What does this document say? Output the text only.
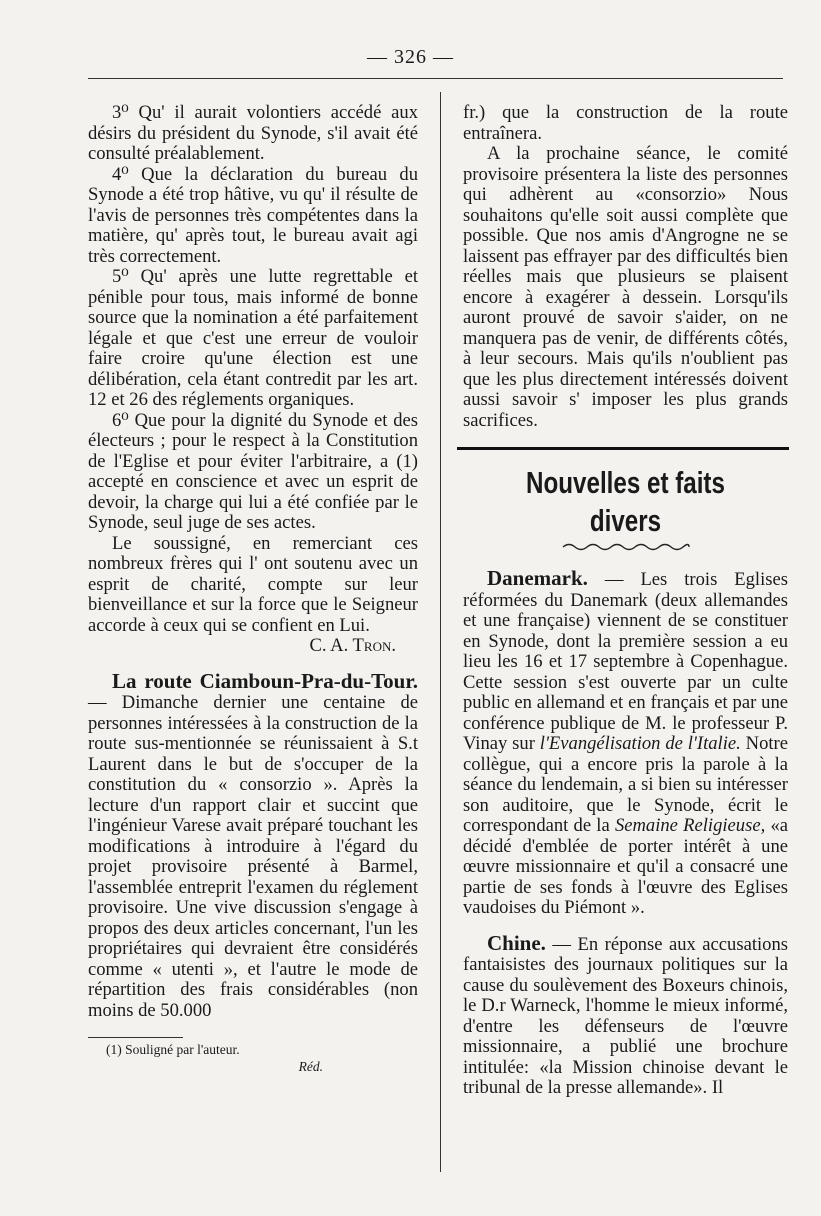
— 326 —

3⁰ Qu' il aurait volontiers accédé aux désirs du président du Synode, s'il avait été consulté préalablement.

4⁰ Que la déclaration du bureau du Synode a été trop hâtive, vu qu' il résulte de l'avis de personnes très compétentes dans la matière, qu' après tout, le bureau avait agi très correctement.

5⁰ Qu' après une lutte regrettable et pénible pour tous, mais informé de bonne source que la nomination a été parfaitement légale et que c'est une erreur de vouloir faire croire qu'une élection est une délibération, cela étant contredit par les art. 12 et 26 des réglements organiques.

6⁰ Que pour la dignité du Synode et des électeurs ; pour le respect à la Constitution de l'Eglise et pour éviter l'arbitraire, a (1) accepté en conscience et avec un esprit de devoir, la charge qui lui a été confiée par le Synode, seul juge de ses actes.

Le soussigné, en remerciant ces nombreux frères qui l' ont soutenu avec un esprit de charité, compte sur leur bienveillance et sur la force que le Seigneur accorde à ceux qui se confient en Lui.

C. A. Tron.

La route Ciamboun-Pra-du-Tour. — Dimanche dernier une centaine de personnes intéressées à la construction de la route sus-mentionnée se réunissaient à S.t Laurent dans le but de s'occuper de la constitution du « consorzio ». Après la lecture d'un rapport clair et succint que l'ingénieur Varese avait préparé touchant les modifications à introduire à l'égard du projet provisoire présenté à Barmel, l'assemblée entreprit l'examen du réglement provisoire. Une vive discussion s'engage à propos des deux articles concernant, l'un les propriétaires qui devraient être considérés comme « utenti », et l'autre le mode de répartition des frais considérables (non moins de 50.000

(1) Souligné par l'auteur.

Réd.

fr.) que la construction de la route entraînera.

A la prochaine séance, le comité provisoire présentera la liste des personnes qui adhèrent au «consorzio» Nous souhaitons qu'elle soit aussi complète que possible. Que nos amis d'Angrogne ne se laissent pas effrayer par des difficultés bien réelles mais que plusieurs se plaisent encore à exagérer à dessein. Lorsqu'ils auront prouvé de savoir s'aider, on ne manquera pas de venir, de différents côtés, à leur secours. Mais qu'ils n'oublient pas que les plus directement intéressés doivent aussi savoir s' imposer les plus grands sacrifices.

Nouvelles et faits divers

Danemark. — Les trois Eglises réformées du Danemark (deux allemandes et une française) viennent de se constituer en Synode, dont la première session a eu lieu les 16 et 17 septembre à Copenhague. Cette session s'est ouverte par un culte public en allemand et en français et par une conférence publique de M. le professeur P. Vinay sur l'Evangélisation de l'Italie. Notre collègue, qui a encore pris la parole à la séance du lendemain, a si bien su intéresser son auditoire, que le Synode, écrit le correspondant de la Semaine Religieuse, «a décidé d'emblée de porter intérêt à une œuvre missionnaire et qu'il a consacré une partie de ses fonds à l'œuvre des Eglises vaudoises du Piémont ».

Chine. — En réponse aux accusations fantaisistes des journaux politiques sur la cause du soulèvement des Boxeurs chinois, le D.r Warneck, l'homme le mieux informé, d'entre les défenseurs de l'œuvre missionnaire, a publié une brochure intitulée: «la Mission chinoise devant le tribunal de la presse allemande». Il
